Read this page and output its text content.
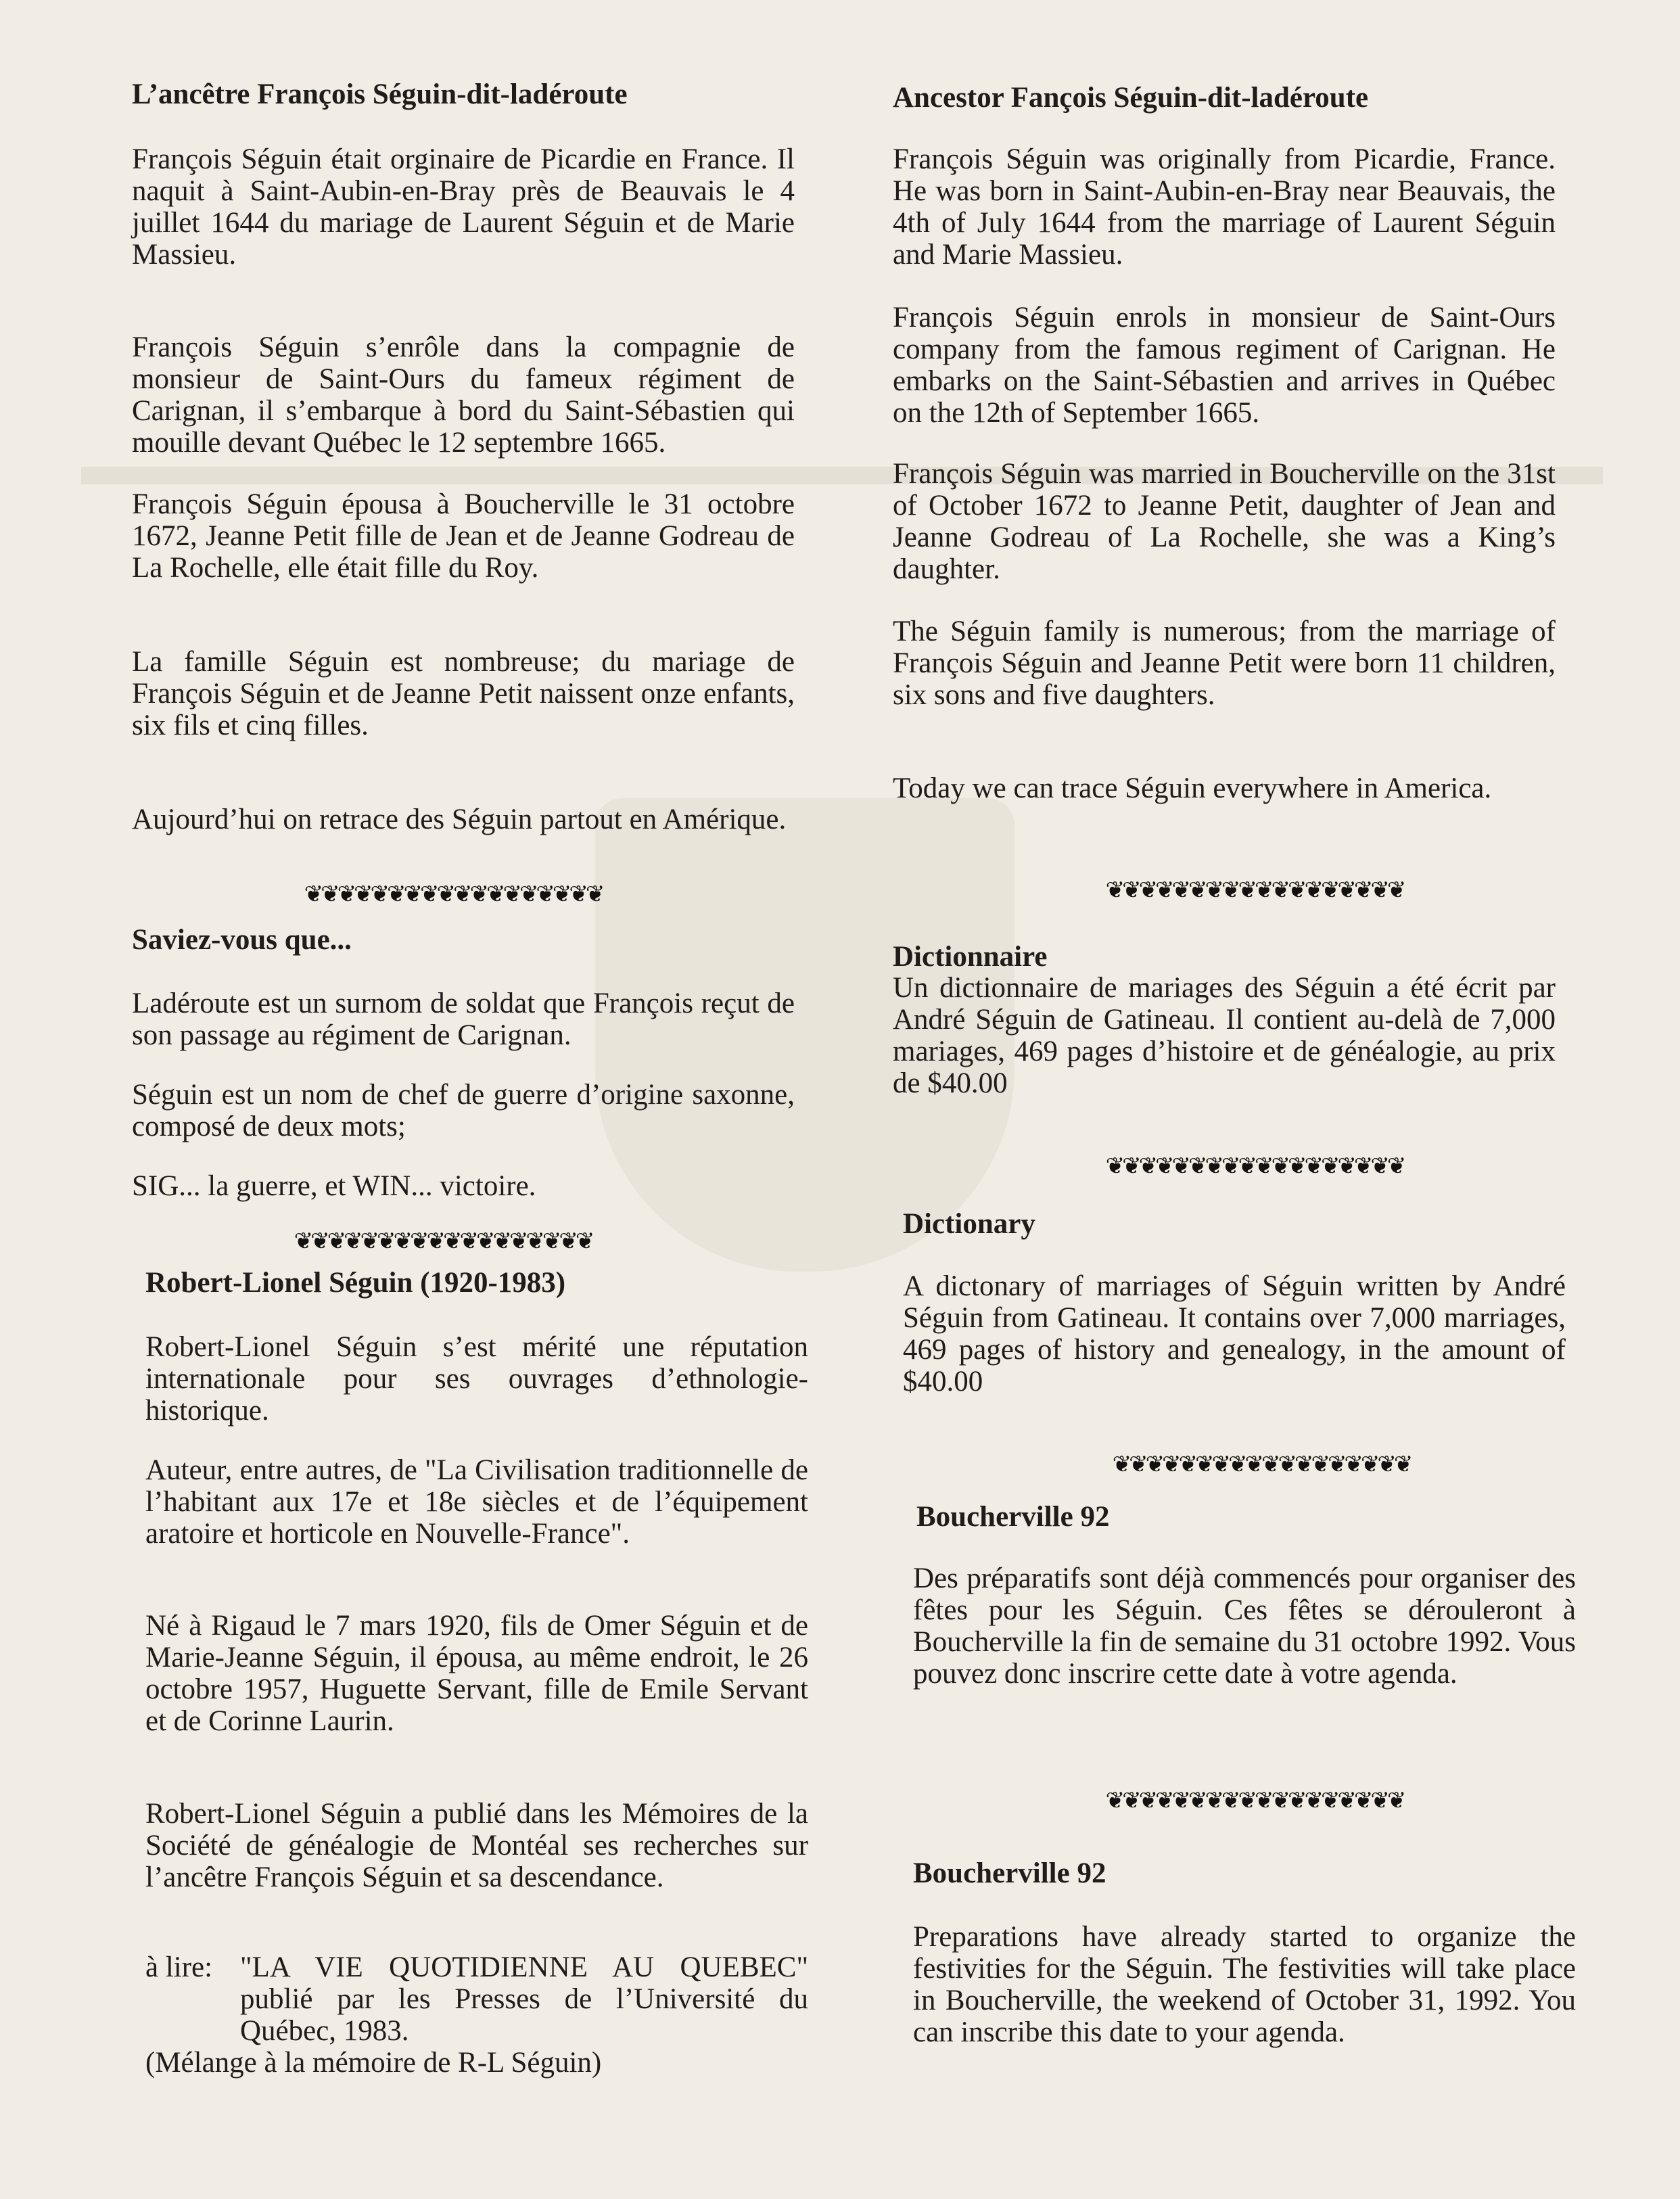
L’ancêtre François Séguin-dit-ladéroute

François Séguin était orginaire de Picardie en France. Il naquit à Saint-Aubin-en-Bray près de Beauvais le 4 juillet 1644 du mariage de Laurent Séguin et de Marie Massieu.

François Séguin s’enrôle dans la compagnie de monsieur de Saint-Ours du fameux régiment de Carignan, il s’embarque à bord du Saint-Sébastien qui mouille devant Québec le 12 septembre 1665.

François Séguin épousa à Boucherville le 31 octobre 1672, Jeanne Petit fille de Jean et de Jeanne Godreau de La Rochelle, elle était fille du Roy.

La famille Séguin est nombreuse; du mariage de François Séguin et de Jeanne Petit naissent onze enfants, six fils et cinq filles.

Aujourd’hui on retrace des Séguin partout en Amérique.

❦❦❦❦❦❦❦❦❦❦❦❦❦❦❦❦❦❦
Saviez-vous que...

Ladéroute est un surnom de soldat que François reçut de son passage au régiment de Carignan.

Séguin est un nom de chef de guerre d’origine saxonne, composé de deux mots;

SIG... la guerre, et WIN... victoire.

❦❦❦❦❦❦❦❦❦❦❦❦❦❦❦❦❦❦
Robert-Lionel Séguin (1920-1983)

Robert-Lionel Séguin s’est mérité une réputation internationale pour ses ouvrages d’ethnologie-historique.

Auteur, entre autres, de "La Civilisation traditionnelle de l’habitant aux 17e et 18e siècles et de l’équipement aratoire et horticole en Nouvelle-France".

Né à Rigaud le 7 mars 1920, fils de Omer Séguin et de Marie-Jeanne Séguin, il épousa, au même endroit, le 26 octobre 1957, Huguette Servant, fille de Emile Servant et de Corinne Laurin.

Robert-Lionel Séguin a publié dans les Mémoires de la Société de généalogie de Montéal ses recherches sur l’ancêtre François Séguin et sa descendance.

à lire: "LA VIE QUOTIDIENNE AU QUEBEC" publié par les Presses de l’Université du Québec, 1983.

(Mélange à la mémoire de R-L Séguin)

Ancestor Fançois Séguin-dit-ladéroute

François Séguin was originally from Picardie, France. He was born in Saint-Aubin-en-Bray near Beauvais, the 4th of July 1644 from the marriage of Laurent Séguin and Marie Massieu.

François Séguin enrols in monsieur de Saint-Ours company from the famous regiment of Carignan. He embarks on the Saint-Sébastien and arrives in Québec on the 12th of September 1665.

François Séguin was married in Boucherville on the 31st of October 1672 to Jeanne Petit, daughter of Jean and Jeanne Godreau of La Rochelle, she was a King’s daughter.

The Séguin family is numerous; from the marriage of François Séguin and Jeanne Petit were born 11 children, six sons and five daughters.

Today we can trace Séguin everywhere in America.

❦❦❦❦❦❦❦❦❦❦❦❦❦❦❦❦❦❦
Dictionnaire

Un dictionnaire de mariages des Séguin a été écrit par André Séguin de Gatineau. Il contient au-delà de 7,000 mariages, 469 pages d’histoire et de généalogie, au prix de $40.00

❦❦❦❦❦❦❦❦❦❦❦❦❦❦❦❦❦❦
Dictionary

A dictonary of marriages of Séguin written by André Séguin from Gatineau. It contains over 7,000 marriages, 469 pages of history and genealogy, in the amount of $40.00

❦❦❦❦❦❦❦❦❦❦❦❦❦❦❦❦❦❦
Boucherville 92

Des préparatifs sont déjà commencés pour organiser des fêtes pour les Séguin. Ces fêtes se dérouleront à Boucherville la fin de semaine du 31 octobre 1992. Vous pouvez donc inscrire cette date à votre agenda.

❦❦❦❦❦❦❦❦❦❦❦❦❦❦❦❦❦❦
Boucherville 92

Preparations have already started to organize the festivities for the Séguin. The festivities will take place in Boucherville, the weekend of October 31, 1992. You can inscribe this date to your agenda.
